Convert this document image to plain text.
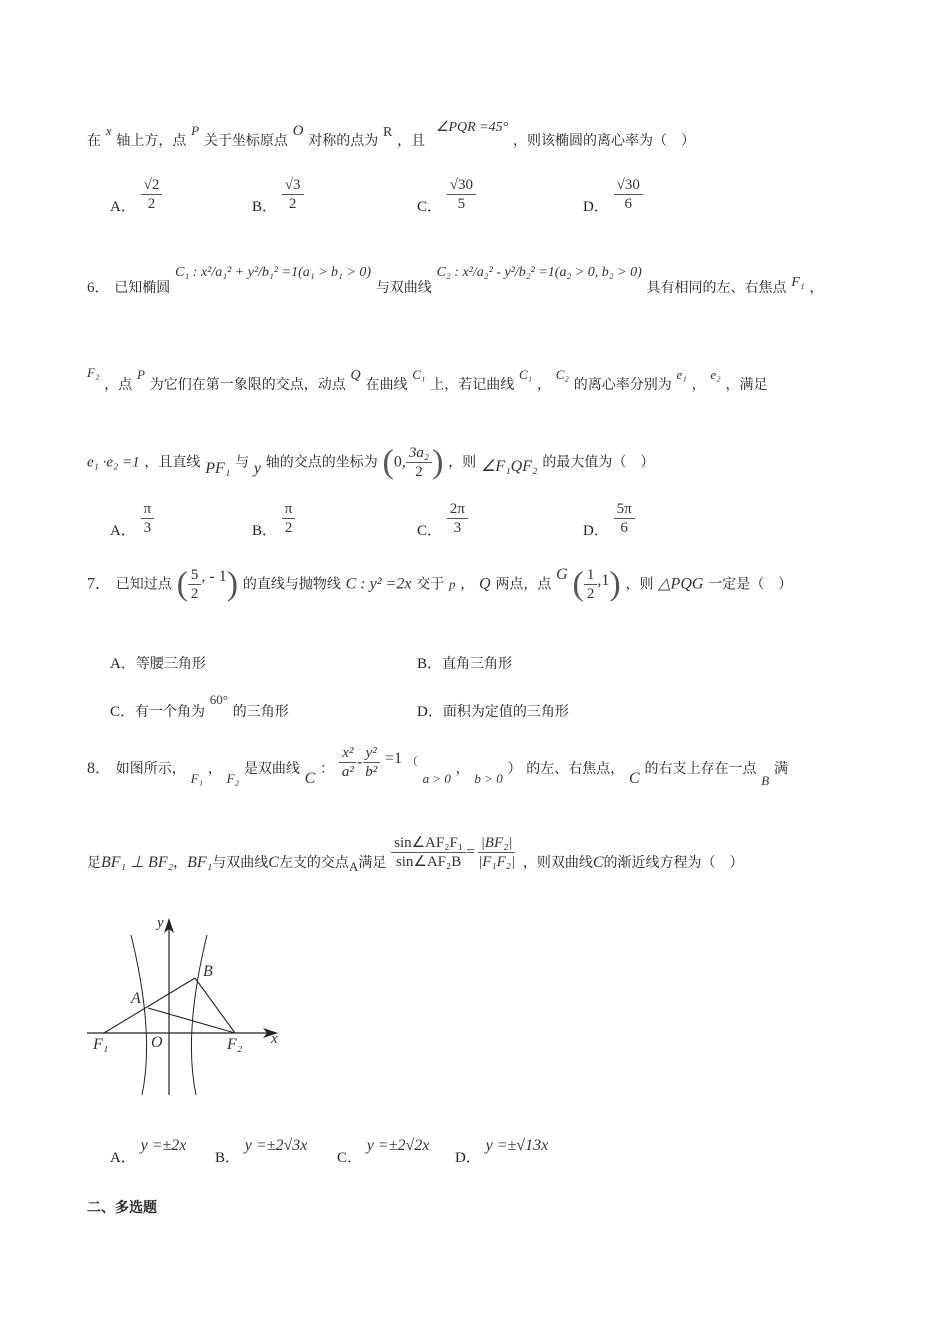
在 x 轴上方，点 P 关于坐标原点 O 对称的点为 R ，且 ∠PQR =45° ，则该椭圆的离心率为（　）
A． $\frac{√2}{2}$	B． $\frac{√3}{2}$	C． $\frac{√30}{5}$	D． $\frac{√30}{6}$
6． 已知椭圆 C₁ : x²/a₁² + y²/b₁² =1(a₁ > b₁ > 0) 与双曲线 C₂ : x²/a₂² - y²/b₂² =1(a₂ > 0, b₂ > 0) 具有相同的左、右焦点 F₁ ，
F₂ ，点 P 为它们在第一象限的交点，动点 Q 在曲线 C₁ 上，若记曲线 C₁ ， C₂ 的离心率分别为 e₁ ， e₂ ，满足
e₁ ·e₂ =1 ，且直线 PF₁ 与 y 轴的交点的坐标为 (0, $\frac{\text{3a₂}}{2}$ ) ，则 ∠F₁QF₂ 的最大值为（　）
A． $\frac{\pi}{3}$	B． $\frac{\pi}{2}$	C． $\frac{2\pi}{3}$	D． $\frac{5\pi}{6}$
7． 已知过点 ( $\frac{5}{2}$ , - 1) 的直线与抛物线 C : y² =2x 交于 p ， Q 两点，点 G ( $\frac{1}{2} ,1$) ，则 △PQG 一定是（　）
A．等腰三角形	B．直角三角形
C．有一个角为 60° 的三角形	D．面积为定值的三角形
8． 如图所示， F₁ ， F₂ 是双曲线 C ： $\frac{\text{x²}}{\text{a²}} - \frac{\text{y²}}{\text{b²}} =1$ （ a > 0 ， b > 0 ） 的左、右焦点， C 的右支上存在一点 B 满
足BF₁ ⊥ BF₂，BF₁与双曲线C左支的交点A满足 $\frac{\text{sin∠AF₂F₁}}{\text{sin∠AF₂B}} = \frac{\text{|BF₂|}}{\text{|F₁F₂|}}$ ，则双曲线C的渐近线方程为（　）
y
x
B
A
F₁	O	F₂
A． y =±2x
B． y =±2√3x
C． y =±2√2x
D． y =±√13x
二、多选题
